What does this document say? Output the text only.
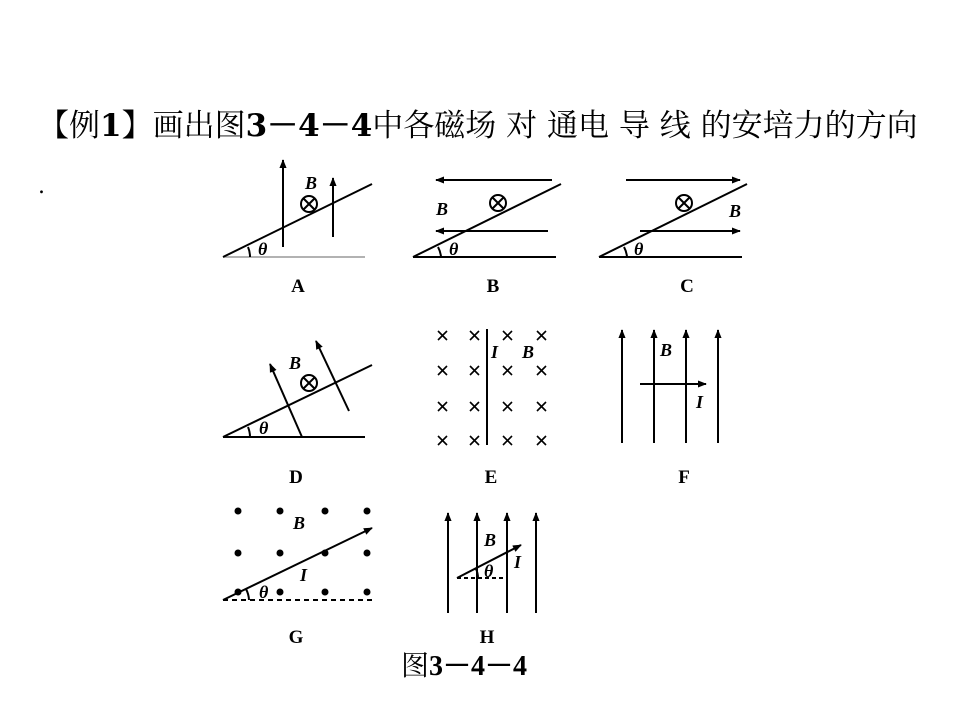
【例1】画出图3－4－4中各磁场 对 通电 导 线 的安培力的方向
.	B
θ
B
θ
B
θ
B
θ
I B	B
I
B
I
θ
B
I
θ
A	B	C
D	E	F
G	H
图3－4－4
